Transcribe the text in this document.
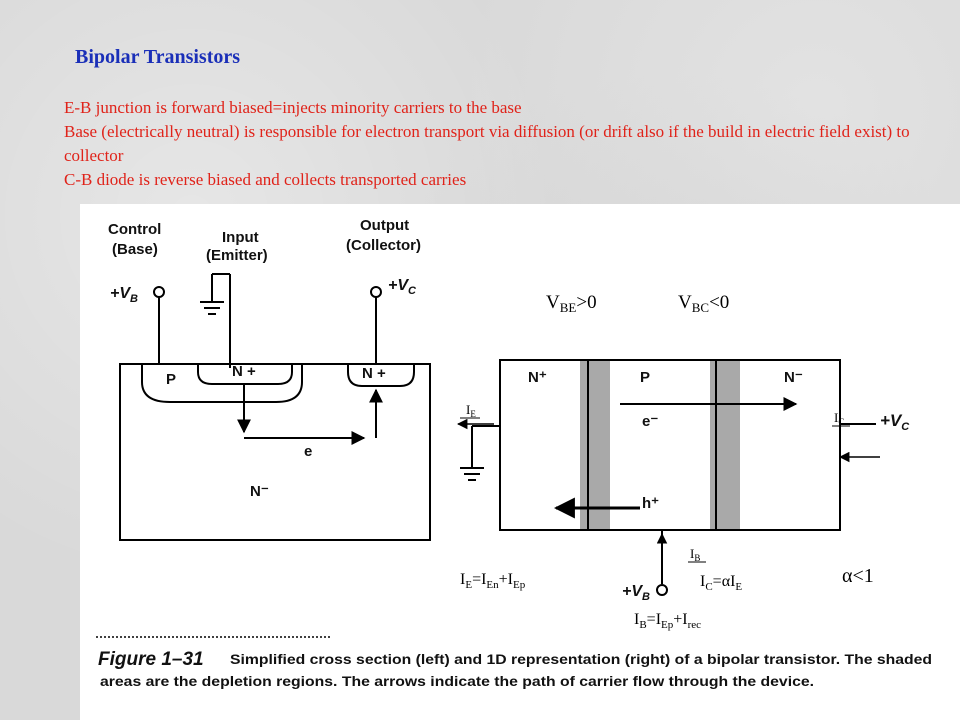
Bipolar Transistors
E-B junction is forward biased=injects minority carriers to the base
Base (electrically neutral) is responsible for electron transport via diffusion (or drift also if the build in electric field exist) to collector
C-B diode is reverse biased and collects transported carries
Control
(Base)
Input
(Emitter)
Output
(Collector)
$+V_B$
$+V_C$
P	N +	N +
e
N⁻
$V_{BE}>0$	$V_{BC}<0$
N⁺	P	N⁻
e⁻
h⁺
$I_E$	$I_C +V_C$
$I_B$
$+V_B$
$I_E=I_{En}+I_{Ep}$	$I_C=\alpha I_E$
$I_B=I_{Ep}+I_{rec}$
α<1
Figure 1–31 Simplified cross section (left) and 1D representation (right) of a bipolar transistor. The shaded
areas are the depletion regions. The arrows indicate the path of carrier flow through the device.
